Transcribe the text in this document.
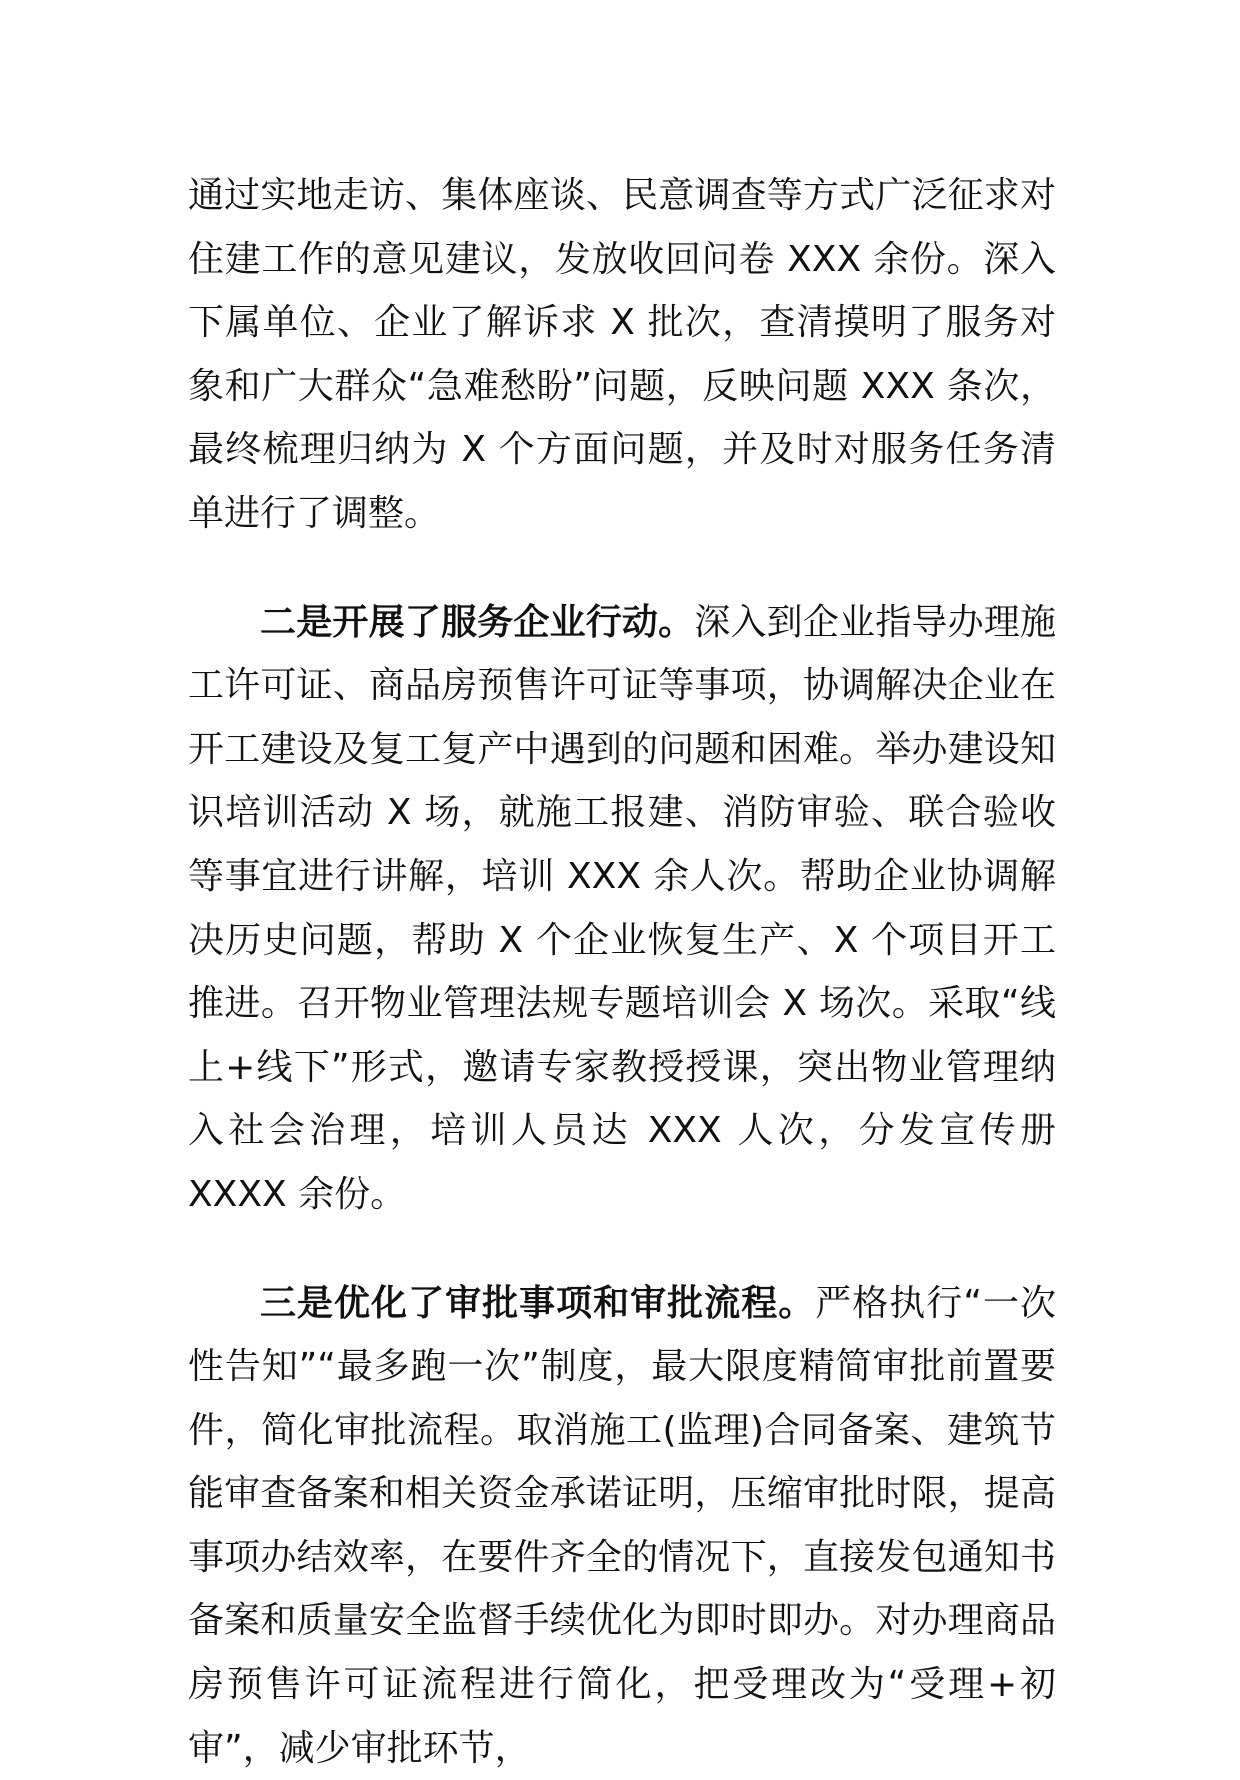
通过实地走访、集体座谈、民意调查等方式广泛征求对住建工作的意见建议，发放收回问卷 XXX 余份。深入下属单位、企业了解诉求 X 批次，查清摸明了服务对象和广大群众“急难愁盼”问题，反映问题 XXX 条次，最终梳理归纳为 X 个方面问题，并及时对服务任务清单进行了调整。

二是开展了服务企业行动。深入到企业指导办理施工许可证、商品房预售许可证等事项，协调解决企业在开工建设及复工复产中遇到的问题和困难。举办建设知识培训活动 X 场，就施工报建、消防审验、联合验收等事宜进行讲解，培训 XXX 余人次。帮助企业协调解决历史问题，帮助 X 个企业恢复生产、X 个项目开工推进。召开物业管理法规专题培训会 X 场次。采取“线上+线下”形式，邀请专家教授授课，突出物业管理纳入社会治理，培训人员达 XXX 人次，分发宣传册 XXXX 余份。

三是优化了审批事项和审批流程。严格执行“一次性告知”“最多跑一次”制度，最大限度精简审批前置要件，简化审批流程。取消施工(监理)合同备案、建筑节能审查备案和相关资金承诺证明，压缩审批时限，提高事项办结效率，在要件齐全的情况下，直接发包通知书备案和质量安全监督手续优化为即时即办。对办理商品房预售许可证流程进行简化，把受理改为“受理+初审”，减少审批环节，
